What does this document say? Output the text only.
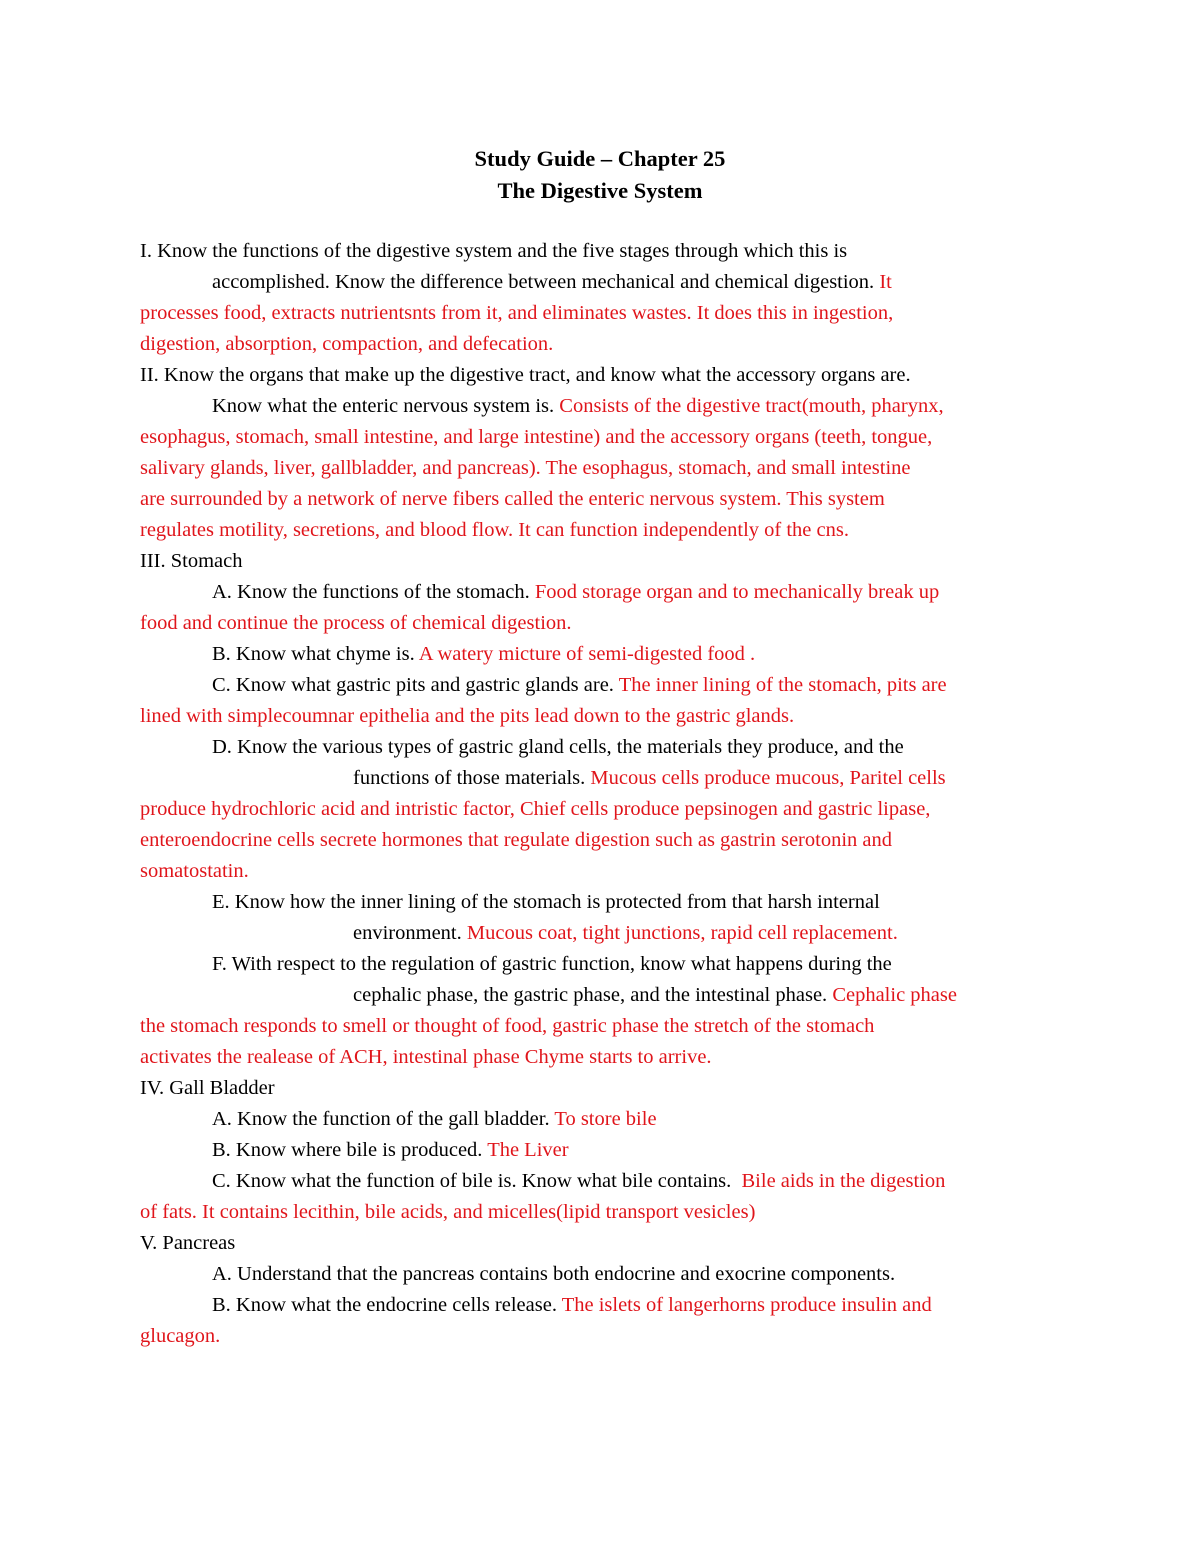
Study Guide – Chapter 25
The Digestive System
I. Know the functions of the digestive system and the five stages through which this is
accomplished. Know the difference between mechanical and chemical digestion. It
processes food, extracts nutrientsnts from it, and eliminates wastes. It does this in ingestion,
digestion, absorption, compaction, and defecation.
II. Know the organs that make up the digestive tract, and know what the accessory organs are.
Know what the enteric nervous system is. Consists of the digestive tract(mouth, pharynx,
esophagus, stomach, small intestine, and large intestine) and the accessory organs (teeth, tongue,
salivary glands, liver, gallbladder, and pancreas). The esophagus, stomach, and small intestine
are surrounded by a network of nerve fibers called the enteric nervous system. This system
regulates motility, secretions, and blood flow. It can function independently of the cns.
III. Stomach
A. Know the functions of the stomach. Food storage organ and to mechanically break up
food and continue the process of chemical digestion.
B. Know what chyme is. A watery micture of semi-digested food .
C. Know what gastric pits and gastric glands are. The inner lining of the stomach, pits are
lined with simplecoumnar epithelia and the pits lead down to the gastric glands.
D. Know the various types of gastric gland cells, the materials they produce, and the
functions of those materials. Mucous cells produce mucous, Paritel cells
produce hydrochloric acid and intristic factor, Chief cells produce pepsinogen and gastric lipase,
enteroendocrine cells secrete hormones that regulate digestion such as gastrin serotonin and
somatostatin.
E. Know how the inner lining of the stomach is protected from that harsh internal
environment. Mucous coat, tight junctions, rapid cell replacement.
F. With respect to the regulation of gastric function, know what happens during the
cephalic phase, the gastric phase, and the intestinal phase. Cephalic phase
the stomach responds to smell or thought of food, gastric phase the stretch of the stomach
activates the realease of ACH, intestinal phase Chyme starts to arrive.
IV. Gall Bladder
A. Know the function of the gall bladder. To store bile
B. Know where bile is produced. The Liver
C. Know what the function of bile is. Know what bile contains.  Bile aids in the digestion
of fats. It contains lecithin, bile acids, and micelles(lipid transport vesicles)
V. Pancreas
A. Understand that the pancreas contains both endocrine and exocrine components.
B. Know what the endocrine cells release. The islets of langerhorns produce insulin and
glucagon.
